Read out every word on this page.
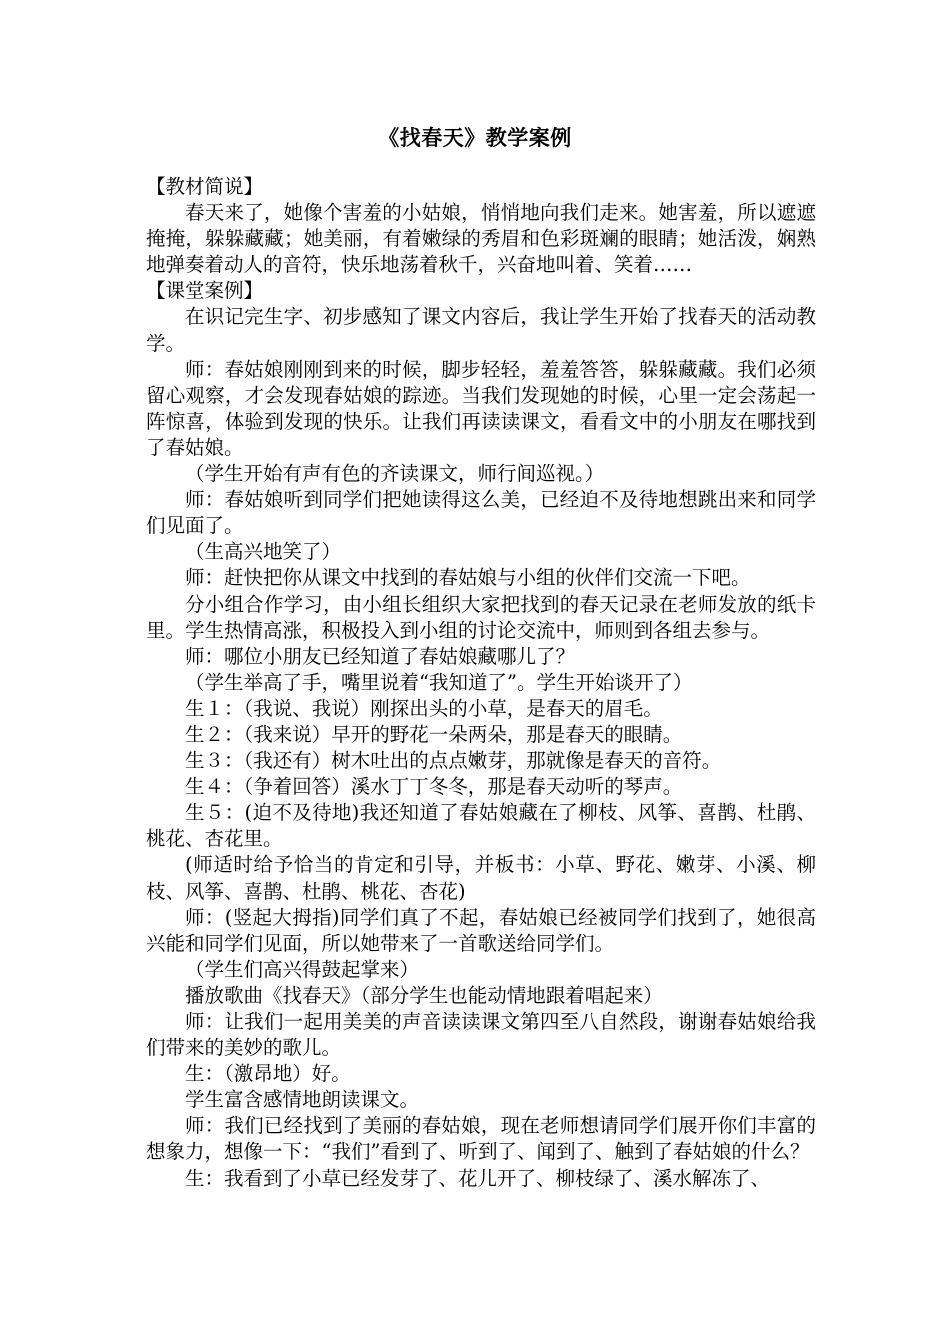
《找春天》教学案例

【教材简说】

春天来了，她像个害羞的小姑娘，悄悄地向我们走来。她害羞，所以遮遮掩掩，躲躲藏藏；她美丽，有着嫩绿的秀眉和色彩斑斓的眼睛；她活泼，娴熟地弹奏着动人的音符，快乐地荡着秋千，兴奋地叫着、笑着……

【课堂案例】

在识记完生字、初步感知了课文内容后，我让学生开始了找春天的活动教学。

师：春姑娘刚刚到来的时候，脚步轻轻，羞羞答答，躲躲藏藏。我们必须留心观察，才会发现春姑娘的踪迹。当我们发现她的时候，心里一定会荡起一阵惊喜，体验到发现的快乐。让我们再读读课文，看看文中的小朋友在哪找到了春姑娘。

（学生开始有声有色的齐读课文，师行间巡视。）

师：春姑娘听到同学们把她读得这么美，已经迫不及待地想跳出来和同学们见面了。

（生高兴地笑了）

师：赶快把你从课文中找到的春姑娘与小组的伙伴们交流一下吧。

分小组合作学习，由小组长组织大家把找到的春天记录在老师发放的纸卡里。学生热情高涨，积极投入到小组的讨论交流中，师则到各组去参与。

师：哪位小朋友已经知道了春姑娘藏哪儿了？

（学生举高了手，嘴里说着“我知道了”。学生开始谈开了）

生１：（我说、我说）刚探出头的小草，是春天的眉毛。

生２：（我来说）早开的野花一朵两朵，那是春天的眼睛。

生３：（我还有）树木吐出的点点嫩芽，那就像是春天的音符。

生４：（争着回答）溪水丁丁冬冬，那是春天动听的琴声。

生５：(迫不及待地)我还知道了春姑娘藏在了柳枝、风筝、喜鹊、杜鹃、桃花、杏花里。

(师适时给予恰当的肯定和引导，并板书：小草、野花、嫩芽、小溪、柳枝、风筝、喜鹊、杜鹃、桃花、杏花)

师：(竖起大拇指)同学们真了不起，春姑娘已经被同学们找到了，她很高兴能和同学们见面，所以她带来了一首歌送给同学们。

（学生们高兴得鼓起掌来）

播放歌曲《找春天》（部分学生也能动情地跟着唱起来）

师：让我们一起用美美的声音读读课文第四至八自然段，谢谢春姑娘给我们带来的美妙的歌儿。

生：（激昂地）好。

学生富含感情地朗读课文。

师：我们已经找到了美丽的春姑娘，现在老师想请同学们展开你们丰富的想象力，想像一下：“我们”看到了、听到了、闻到了、触到了春姑娘的什么？

生：我看到了小草已经发芽了、花儿开了、柳枝绿了、溪水解冻了、
